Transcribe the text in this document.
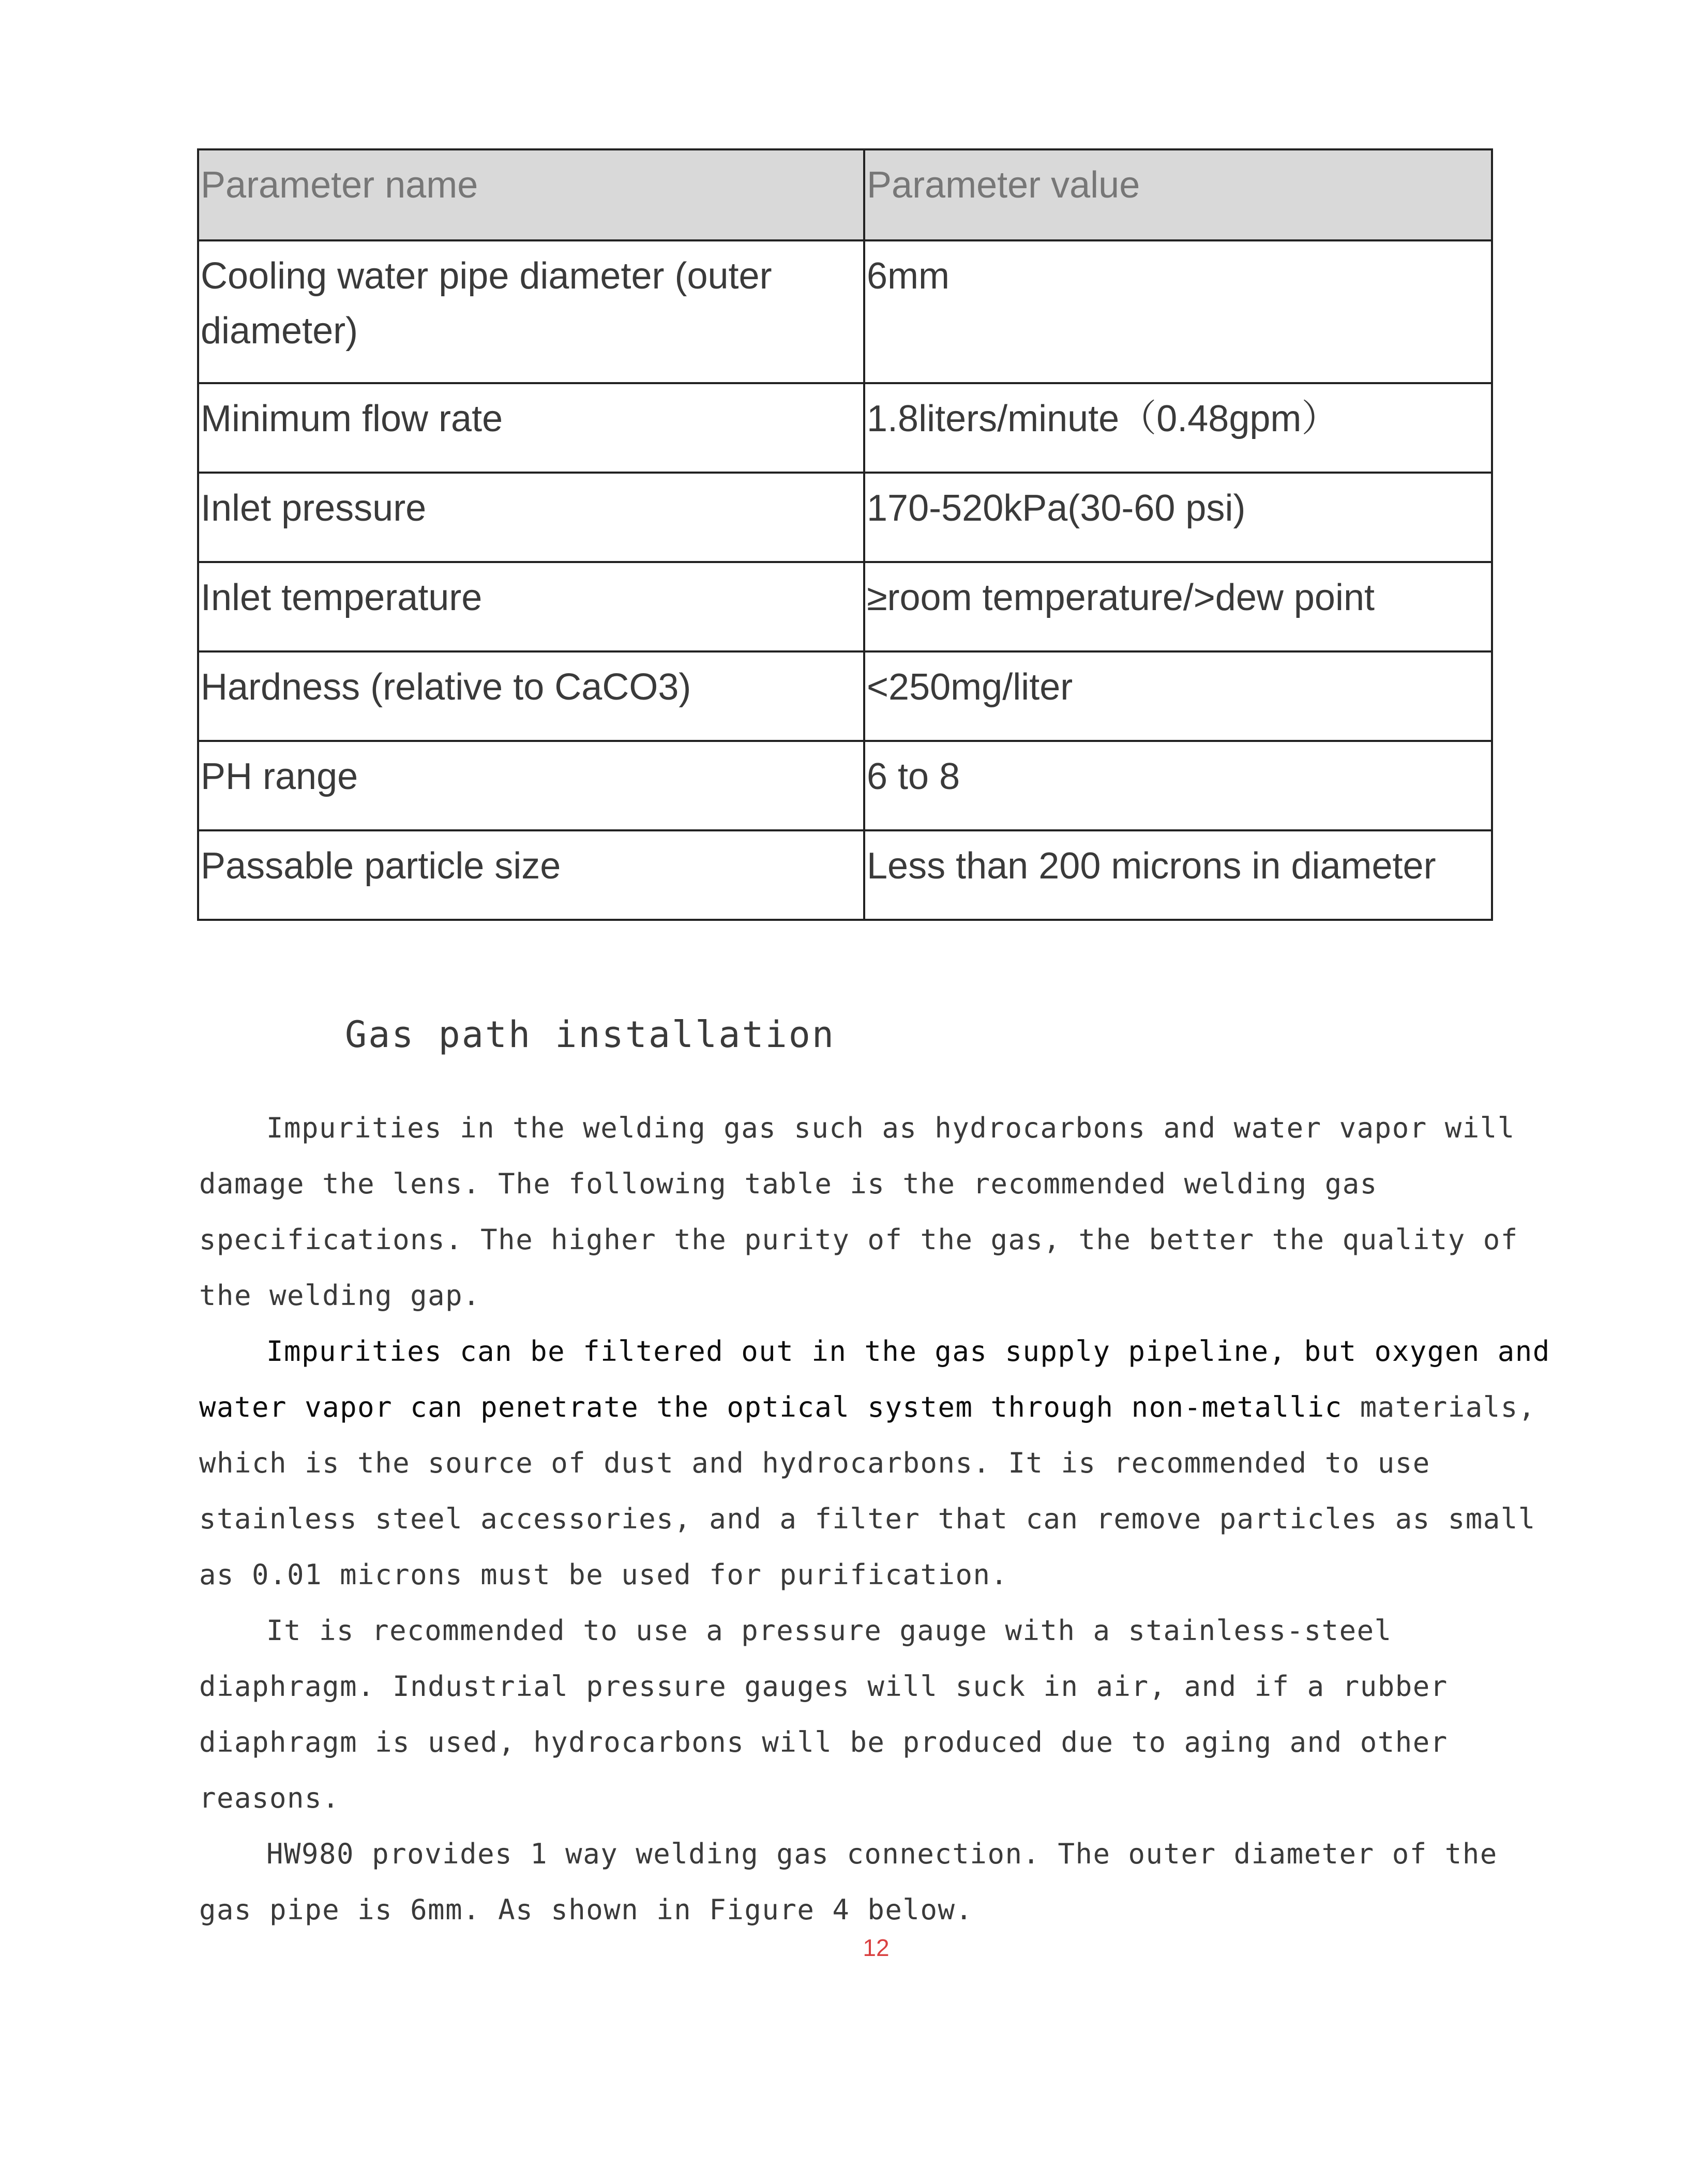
Parameter name	Parameter value
Cooling water pipe diameter (outer diameter)	6mm
Minimum flow rate	1.8liters/minute（0.48gpm）
Inlet pressure	170-520kPa(30-60 psi)
Inlet temperature	≥room temperature/>dew point
Hardness (relative to CaCO3)	<250mg/liter
PH range	6 to 8
Passable particle size	Less than 200 microns in diameter
Gas path installation
Impurities in the welding gas such as hydrocarbons and water vapor will
damage the lens. The following table is the recommended welding gas
specifications. The higher the purity of the gas, the better the quality of
the welding gap.
Impurities can be filtered out in the gas supply pipeline, but oxygen and
water vapor can penetrate the optical system through non-metallic materials,
which is the source of dust and hydrocarbons. It is recommended to use
stainless steel accessories, and a filter that can remove particles as small
as 0.01 microns must be used for purification.
It is recommended to use a pressure gauge with a stainless-steel
diaphragm. Industrial pressure gauges will suck in air, and if a rubber
diaphragm is used, hydrocarbons will be produced due to aging and other
reasons.
HW980 provides 1 way welding gas connection. The outer diameter of the
gas pipe is 6mm. As shown in Figure 4 below.
12
